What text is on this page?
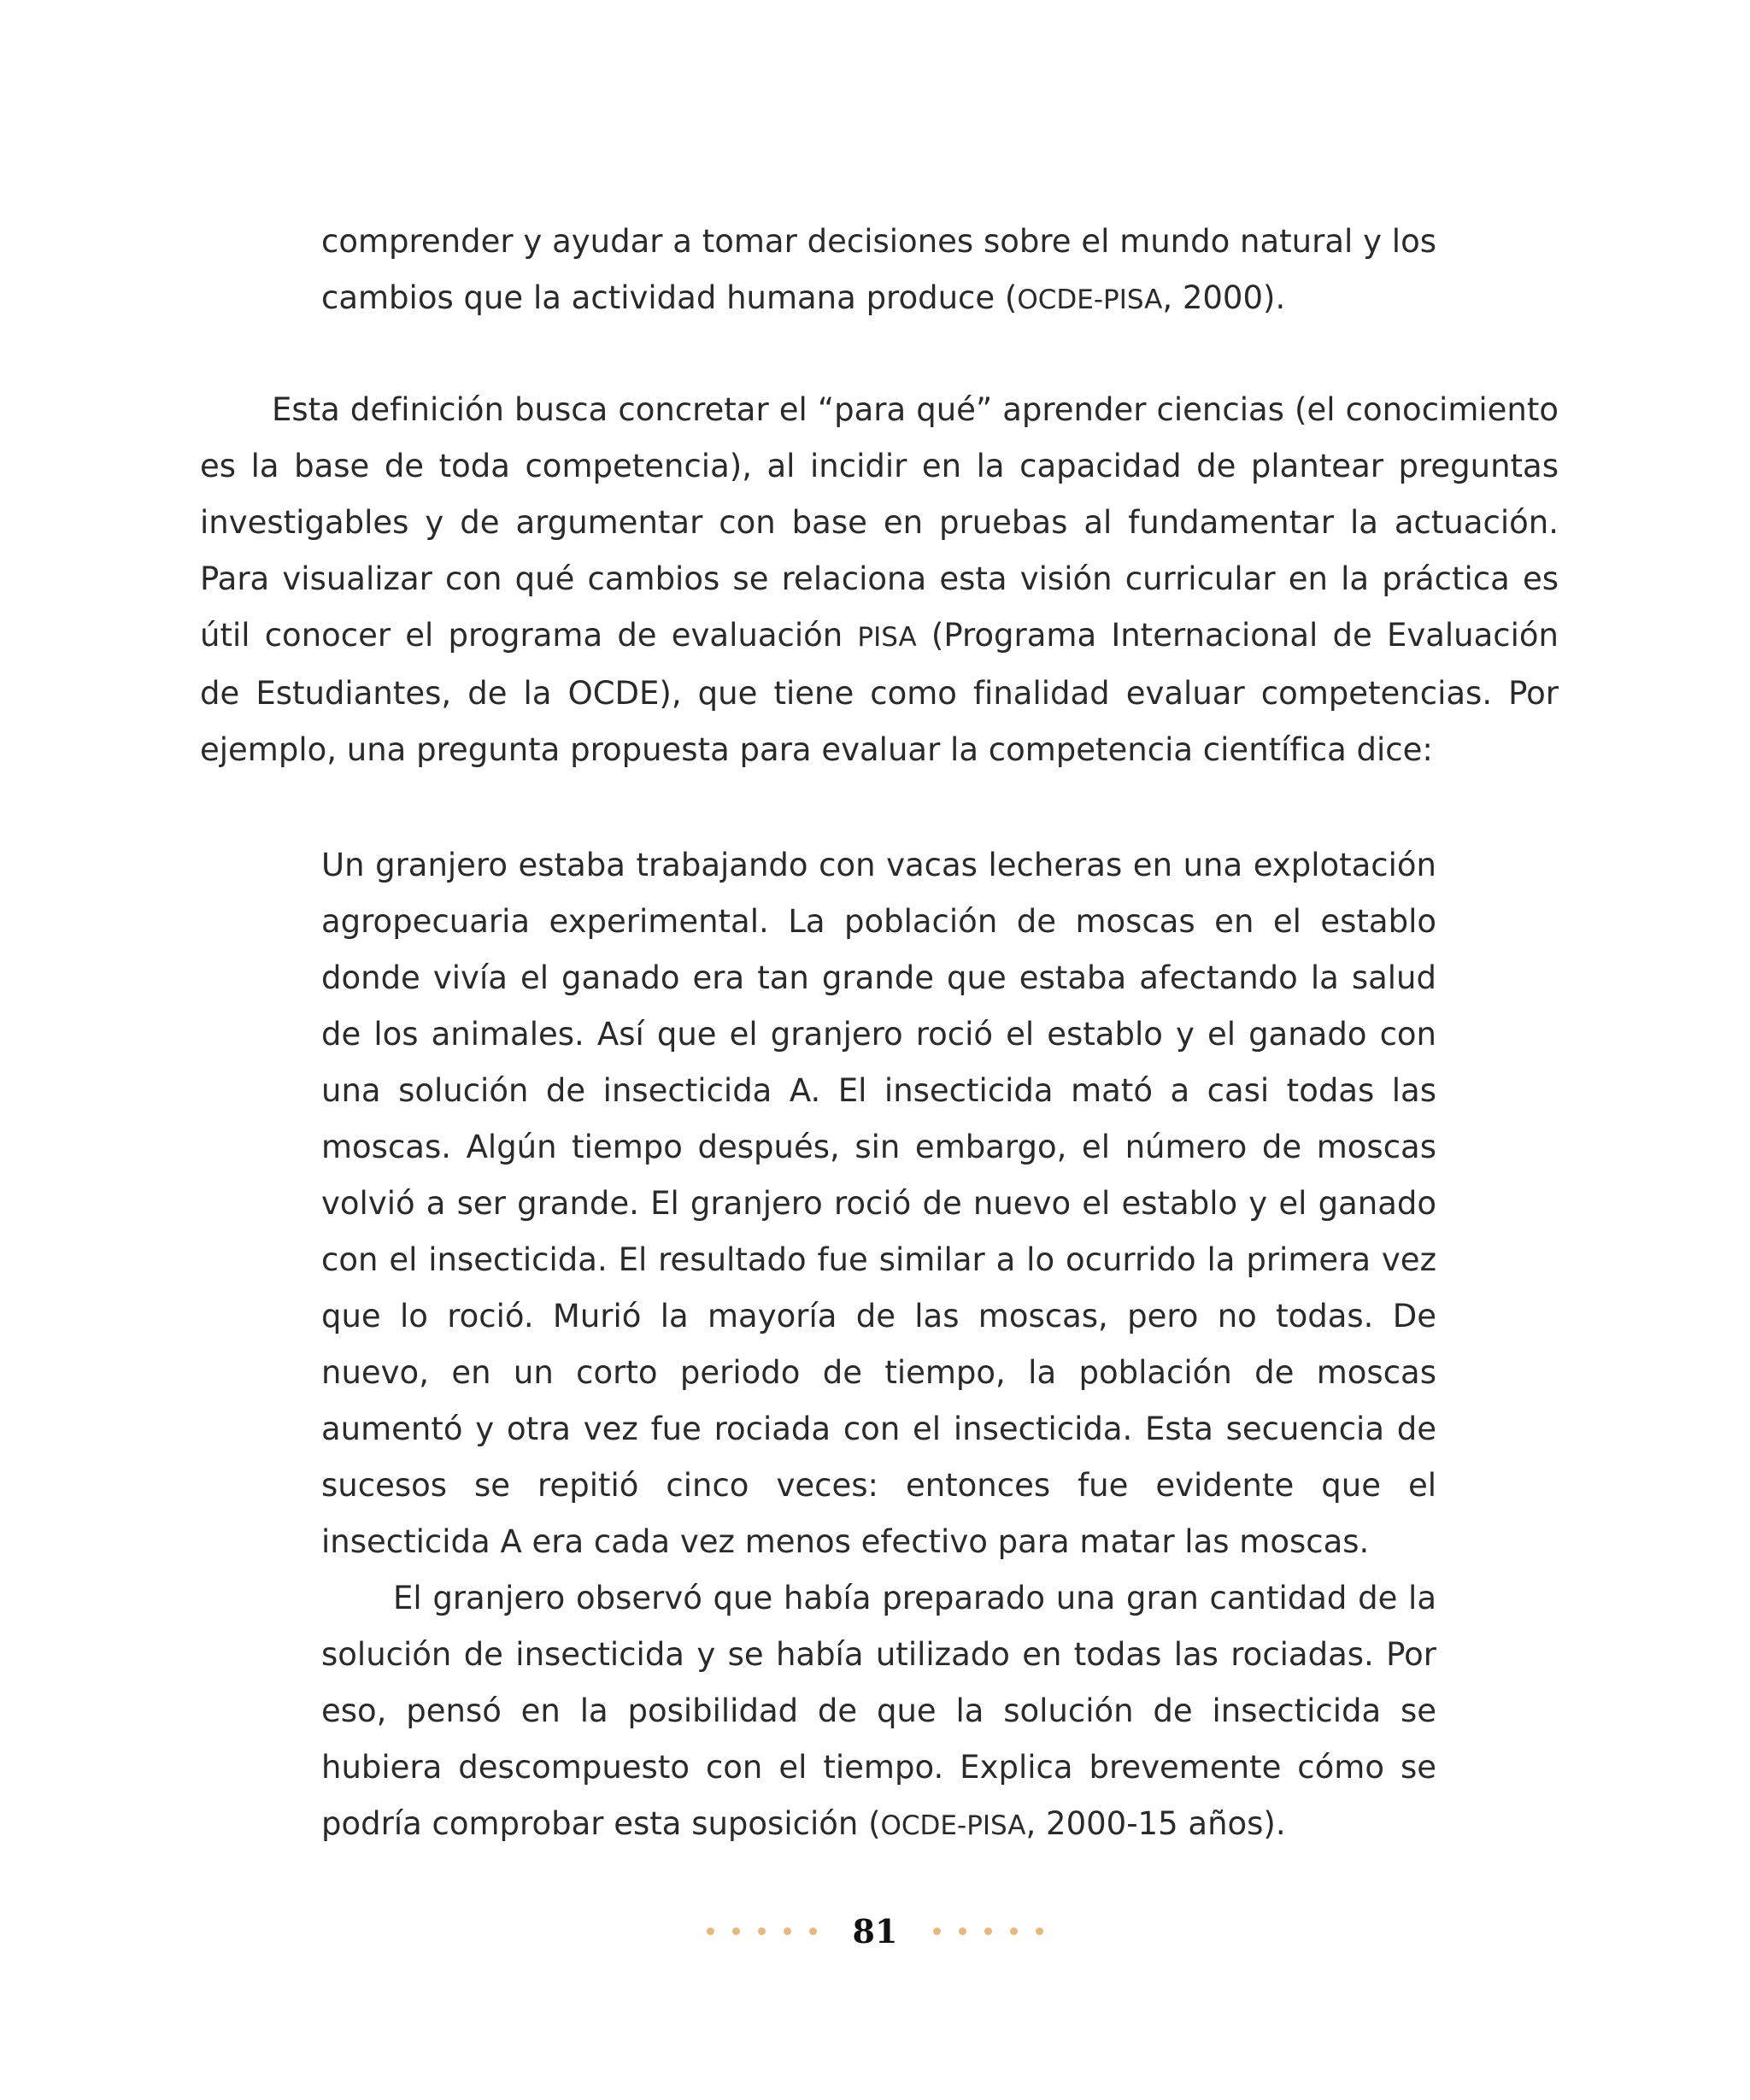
comprender y ayudar a tomar decisiones sobre el mundo natural y los cambios que la actividad humana produce (OCDE-PISA, 2000).

Esta definición busca concretar el “para qué” aprender ciencias (el conocimiento es la base de toda competencia), al incidir en la capacidad de plantear preguntas investigables y de argumentar con base en pruebas al fundamentar la actuación. Para visualizar con qué cambios se relaciona esta visión curricular en la práctica es útil conocer el programa de evaluación PISA (Programa Internacional de Evaluación de Estudiantes, de la OCDE), que tiene como finalidad evaluar competencias. Por ejemplo, una pregunta propuesta para evaluar la competencia científica dice:

Un granjero estaba trabajando con vacas lecheras en una explotación agropecuaria experimental. La población de moscas en el establo donde vivía el ganado era tan grande que estaba afectando la salud de los animales. Así que el granjero roció el establo y el ganado con una solución de insecticida A. El insecticida mató a casi todas las moscas. Algún tiempo después, sin embargo, el número de moscas volvió a ser grande. El granjero roció de nuevo el establo y el ganado con el insecticida. El resultado fue similar a lo ocurrido la primera vez que lo roció. Murió la mayoría de las moscas, pero no todas. De nuevo, en un corto periodo de tiempo, la población de moscas aumentó y otra vez fue rociada con el insecticida. Esta secuencia de sucesos se repitió cinco veces: entonces fue evidente que el insecticida A era cada vez menos efectivo para matar las moscas.

El granjero observó que había preparado una gran cantidad de la solución de insecticida y se había utilizado en todas las rociadas. Por eso, pensó en la posibilidad de que la solución de insecticida se hubiera descompuesto con el tiempo. Explica brevemente cómo se podría comprobar esta suposición (OCDE-PISA, 2000-15 años).

81
